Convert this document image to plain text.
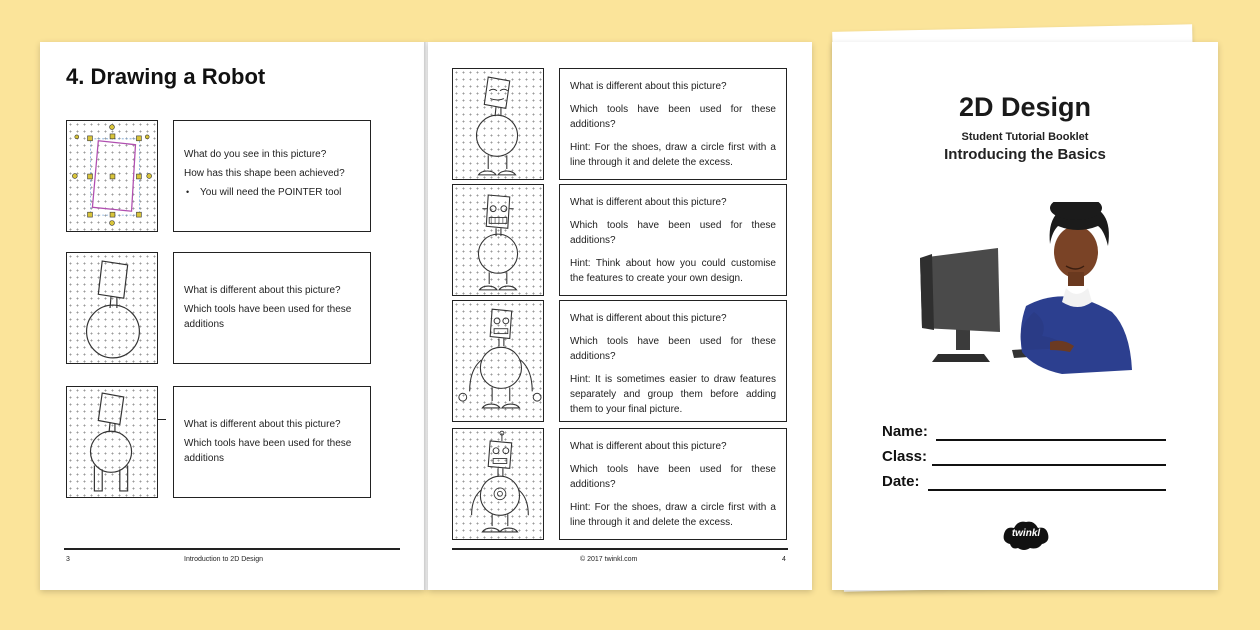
4. Drawing a Robot

What do you see in this picture?

How has this shape been achieved?

• You will need the POINTER tool

What is different about this picture?

Which tools have been used for these additions

What is different about this picture?

Which tools have been used for these additions

3	Introduction to 2D Design

What is different about this picture?

Which tools have been used for these additions?

Hint: For the shoes, draw a circle first with a line through it and delete the excess.

What is different about this picture?

Which tools have been used for these additions?

Hint: Think about how you could customise the features to create your own design.

What is different about this picture?

Which tools have been used for these additions?

Hint: It is sometimes easier to draw features separately and group them before adding them to your final picture.

What is different about this picture?

Which tools have been used for these additions?

Hint: For the shoes, draw a circle first with a line through it and delete the excess.

© 2017 twinkl.com	4
2D Design
Student Tutorial Booklet
Introducing the Basics
Name:
Class:
Date:
twinkl
